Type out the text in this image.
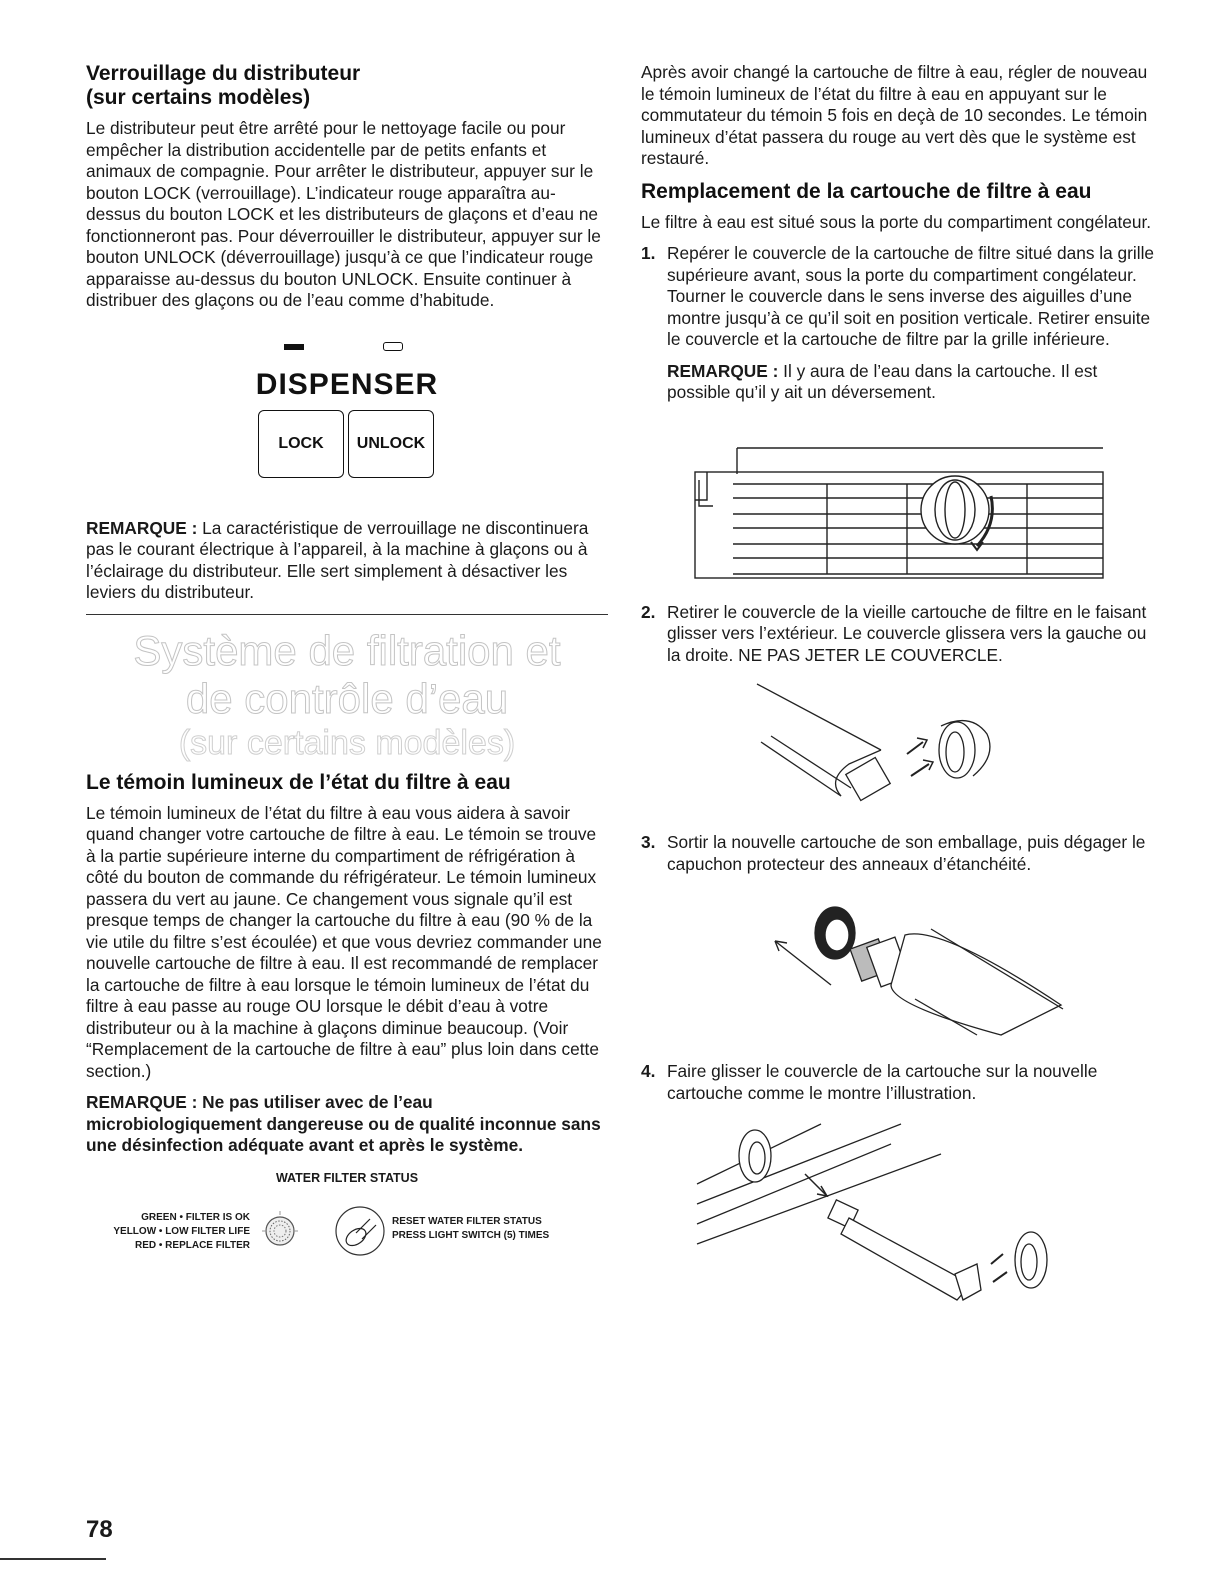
Verrouillage du distributeur
(sur certains modèles)

Le distributeur peut être arrêté pour le nettoyage facile ou pour empêcher la distribution accidentelle par de petits enfants et animaux de compagnie. Pour arrêter le distributeur, appuyer sur le bouton LOCK (verrouillage). L’indicateur rouge apparaîtra au-dessus du bouton LOCK et les distributeurs de glaçons et d’eau ne fonctionneront pas. Pour déverrouiller le distributeur, appuyer sur le bouton UNLOCK (déverrouillage) jusqu’à ce que l’indicateur rouge apparaisse au-dessus du bouton UNLOCK. Ensuite continuer à distribuer des glaçons ou de l’eau comme d’habitude.

DISPENSER
LOCK	UNLOCK

REMARQUE : La caractéristique de verrouillage ne discontinuera pas le courant électrique à l’appareil, à la machine à glaçons ou à l’éclairage du distributeur. Elle sert simplement à désactiver les leviers du distributeur.

Système de filtration et
de contrôle d’eau
(sur certains modèles)
Le témoin lumineux de l’état du filtre à eau

Le témoin lumineux de l’état du filtre à eau vous aidera à savoir quand changer votre cartouche de filtre à eau. Le témoin se trouve à la partie supérieure interne du compartiment de réfrigération à côté du bouton de commande du réfrigérateur. Le témoin lumineux passera du vert au jaune. Ce changement vous signale qu’il est presque temps de changer la cartouche du filtre à eau (90 % de la vie utile du filtre s’est écoulée) et que vous devriez commander une nouvelle cartouche de filtre à eau. Il est recommandé de remplacer la cartouche de filtre à eau lorsque le témoin lumineux de l’état du filtre à eau passe au rouge OU lorsque le débit d’eau à votre distributeur ou à la machine à glaçons diminue beaucoup. (Voir “Remplacement de la cartouche de filtre à eau” plus loin dans cette section.)

REMARQUE : Ne pas utiliser avec de l’eau microbiologiquement dangereuse ou de qualité inconnue sans une désinfection adéquate avant et après le système.

WATER FILTER STATUS
GREEN • FILTER IS OK
YELLOW • LOW FILTER LIFE
RED • REPLACE FILTER
RESET WATER FILTER STATUS
PRESS LIGHT SWITCH (5) TIMES

Après avoir changé la cartouche de filtre à eau, régler de nouveau le témoin lumineux de l’état du filtre à eau en appuyant sur le commutateur du témoin 5 fois en deçà de 10 secondes. Le témoin lumineux d’état passera du rouge au vert dès que le système est restauré.

Remplacement de la cartouche de filtre à eau

Le filtre à eau est situé sous la porte du compartiment congélateur.

1. Repérer le couvercle de la cartouche de filtre situé dans la grille supérieure avant, sous la porte du compartiment congélateur. Tourner le couvercle dans le sens inverse des aiguilles d’une montre jusqu’à ce qu’il soit en position verticale. Retirer ensuite le couvercle et la cartouche de filtre par la grille inférieure.

REMARQUE : Il y aura de l’eau dans la cartouche. Il est possible qu’il y ait un déversement.

2. Retirer le couvercle de la vieille cartouche de filtre en le faisant glisser vers l’extérieur. Le couvercle glissera vers la gauche ou la droite. NE PAS JETER LE COUVERCLE.
3. Sortir la nouvelle cartouche de son emballage, puis dégager le capuchon protecteur des anneaux d’étanchéité.
4. Faire glisser le couvercle de la cartouche sur la nouvelle cartouche comme le montre l’illustration.
78
